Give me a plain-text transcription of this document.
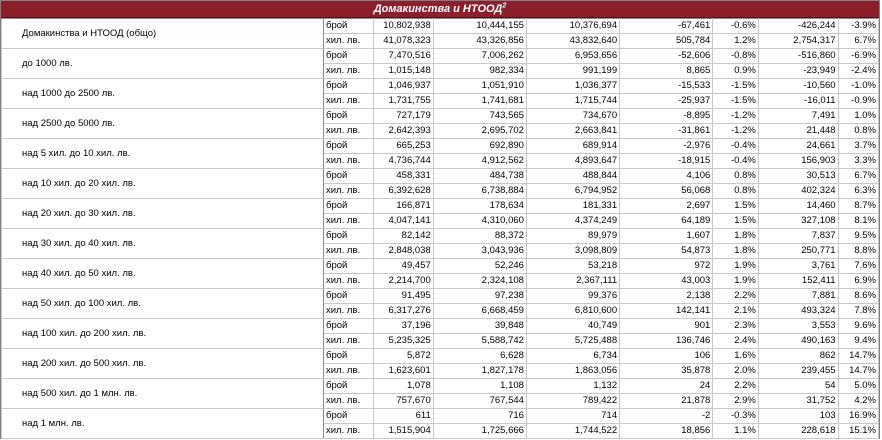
Домакинства и НТООД$^2$
Домакинства и НТООД (общо)	брой	10,802,938	10,444,155	10,376,694	-67,461	-0.6%	-426,244	-3.9%
	хил. лв.	41,078,323	43,326,856	43,832,640	505,784	1.2%	2,754,317	6.7%
до 1000 лв.	брой	7,470,516	7,006,262	6,953,656	-52,606	-0.8%	-516,860	-6.9%
	хил. лв.	1,015,148	982,334	991,199	8,865	0.9%	-23,949	-2.4%
над 1000 до 2500 лв.	брой	1,046,937	1,051,910	1,036,377	-15,533	-1.5%	-10,560	-1.0%
	хил. лв.	1,731,755	1,741,681	1,715,744	-25,937	-1.5%	-16,011	-0.9%
над 2500 до 5000 лв.	брой	727,179	743,565	734,670	-8,895	-1.2%	7,491	1.0%
	хил. лв.	2,642,393	2,695,702	2,663,841	-31,861	-1.2%	21,448	0.8%
над 5 хил. до 10 хил. лв.	брой	665,253	692,890	689,914	-2,976	-0.4%	24,661	3.7%
	хил. лв.	4,736,744	4,912,562	4,893,647	-18,915	-0.4%	156,903	3.3%
над 10 хил. до 20 хил. лв.	брой	458,331	484,738	488,844	4,106	0.8%	30,513	6.7%
	хил. лв.	6,392,628	6,738,884	6,794,952	56,068	0.8%	402,324	6.3%
над 20 хил. до 30 хил. лв.	брой	166,871	178,634	181,331	2,697	1.5%	14,460	8.7%
	хил. лв.	4,047,141	4,310,060	4,374,249	64,189	1.5%	327,108	8.1%
над 30 хил. до 40 хил. лв.	брой	82,142	88,372	89,979	1,607	1.8%	7,837	9.5%
	хил. лв.	2,848,038	3,043,936	3,098,809	54,873	1.8%	250,771	8.8%
над 40 хил. до 50 хил. лв.	брой	49,457	52,246	53,218	972	1.9%	3,761	7.6%
	хил. лв.	2,214,700	2,324,108	2,367,111	43,003	1.9%	152,411	6.9%
над 50 хил. до 100 хил. лв.	брой	91,495	97,238	99,376	2,138	2.2%	7,881	8.6%
	хил. лв.	6,317,276	6,668,459	6,810,600	142,141	2.1%	493,324	7.8%
над 100 хил. до 200 хил. лв.	брой	37,196	39,848	40,749	901	2.3%	3,553	9.6%
	хил. лв.	5,235,325	5,588,742	5,725,488	136,746	2.4%	490,163	9.4%
над 200 хил. до 500 хил. лв.	брой	5,872	6,628	6,734	106	1.6%	862	14.7%
	хил. лв.	1,623,601	1,827,178	1,863,056	35,878	2.0%	239,455	14.7%
над 500 хил. до 1 млн. лв.	брой	1,078	1,108	1,132	24	2.2%	54	5.0%
	хил. лв.	757,670	767,544	789,422	21,878	2.9%	31,752	4.2%
над 1 млн. лв.	брой	611	716	714	-2	-0.3%	103	16.9%
	хил. лв.	1,515,904	1,725,666	1,744,522	18,856	1.1%	228,618	15.1%
